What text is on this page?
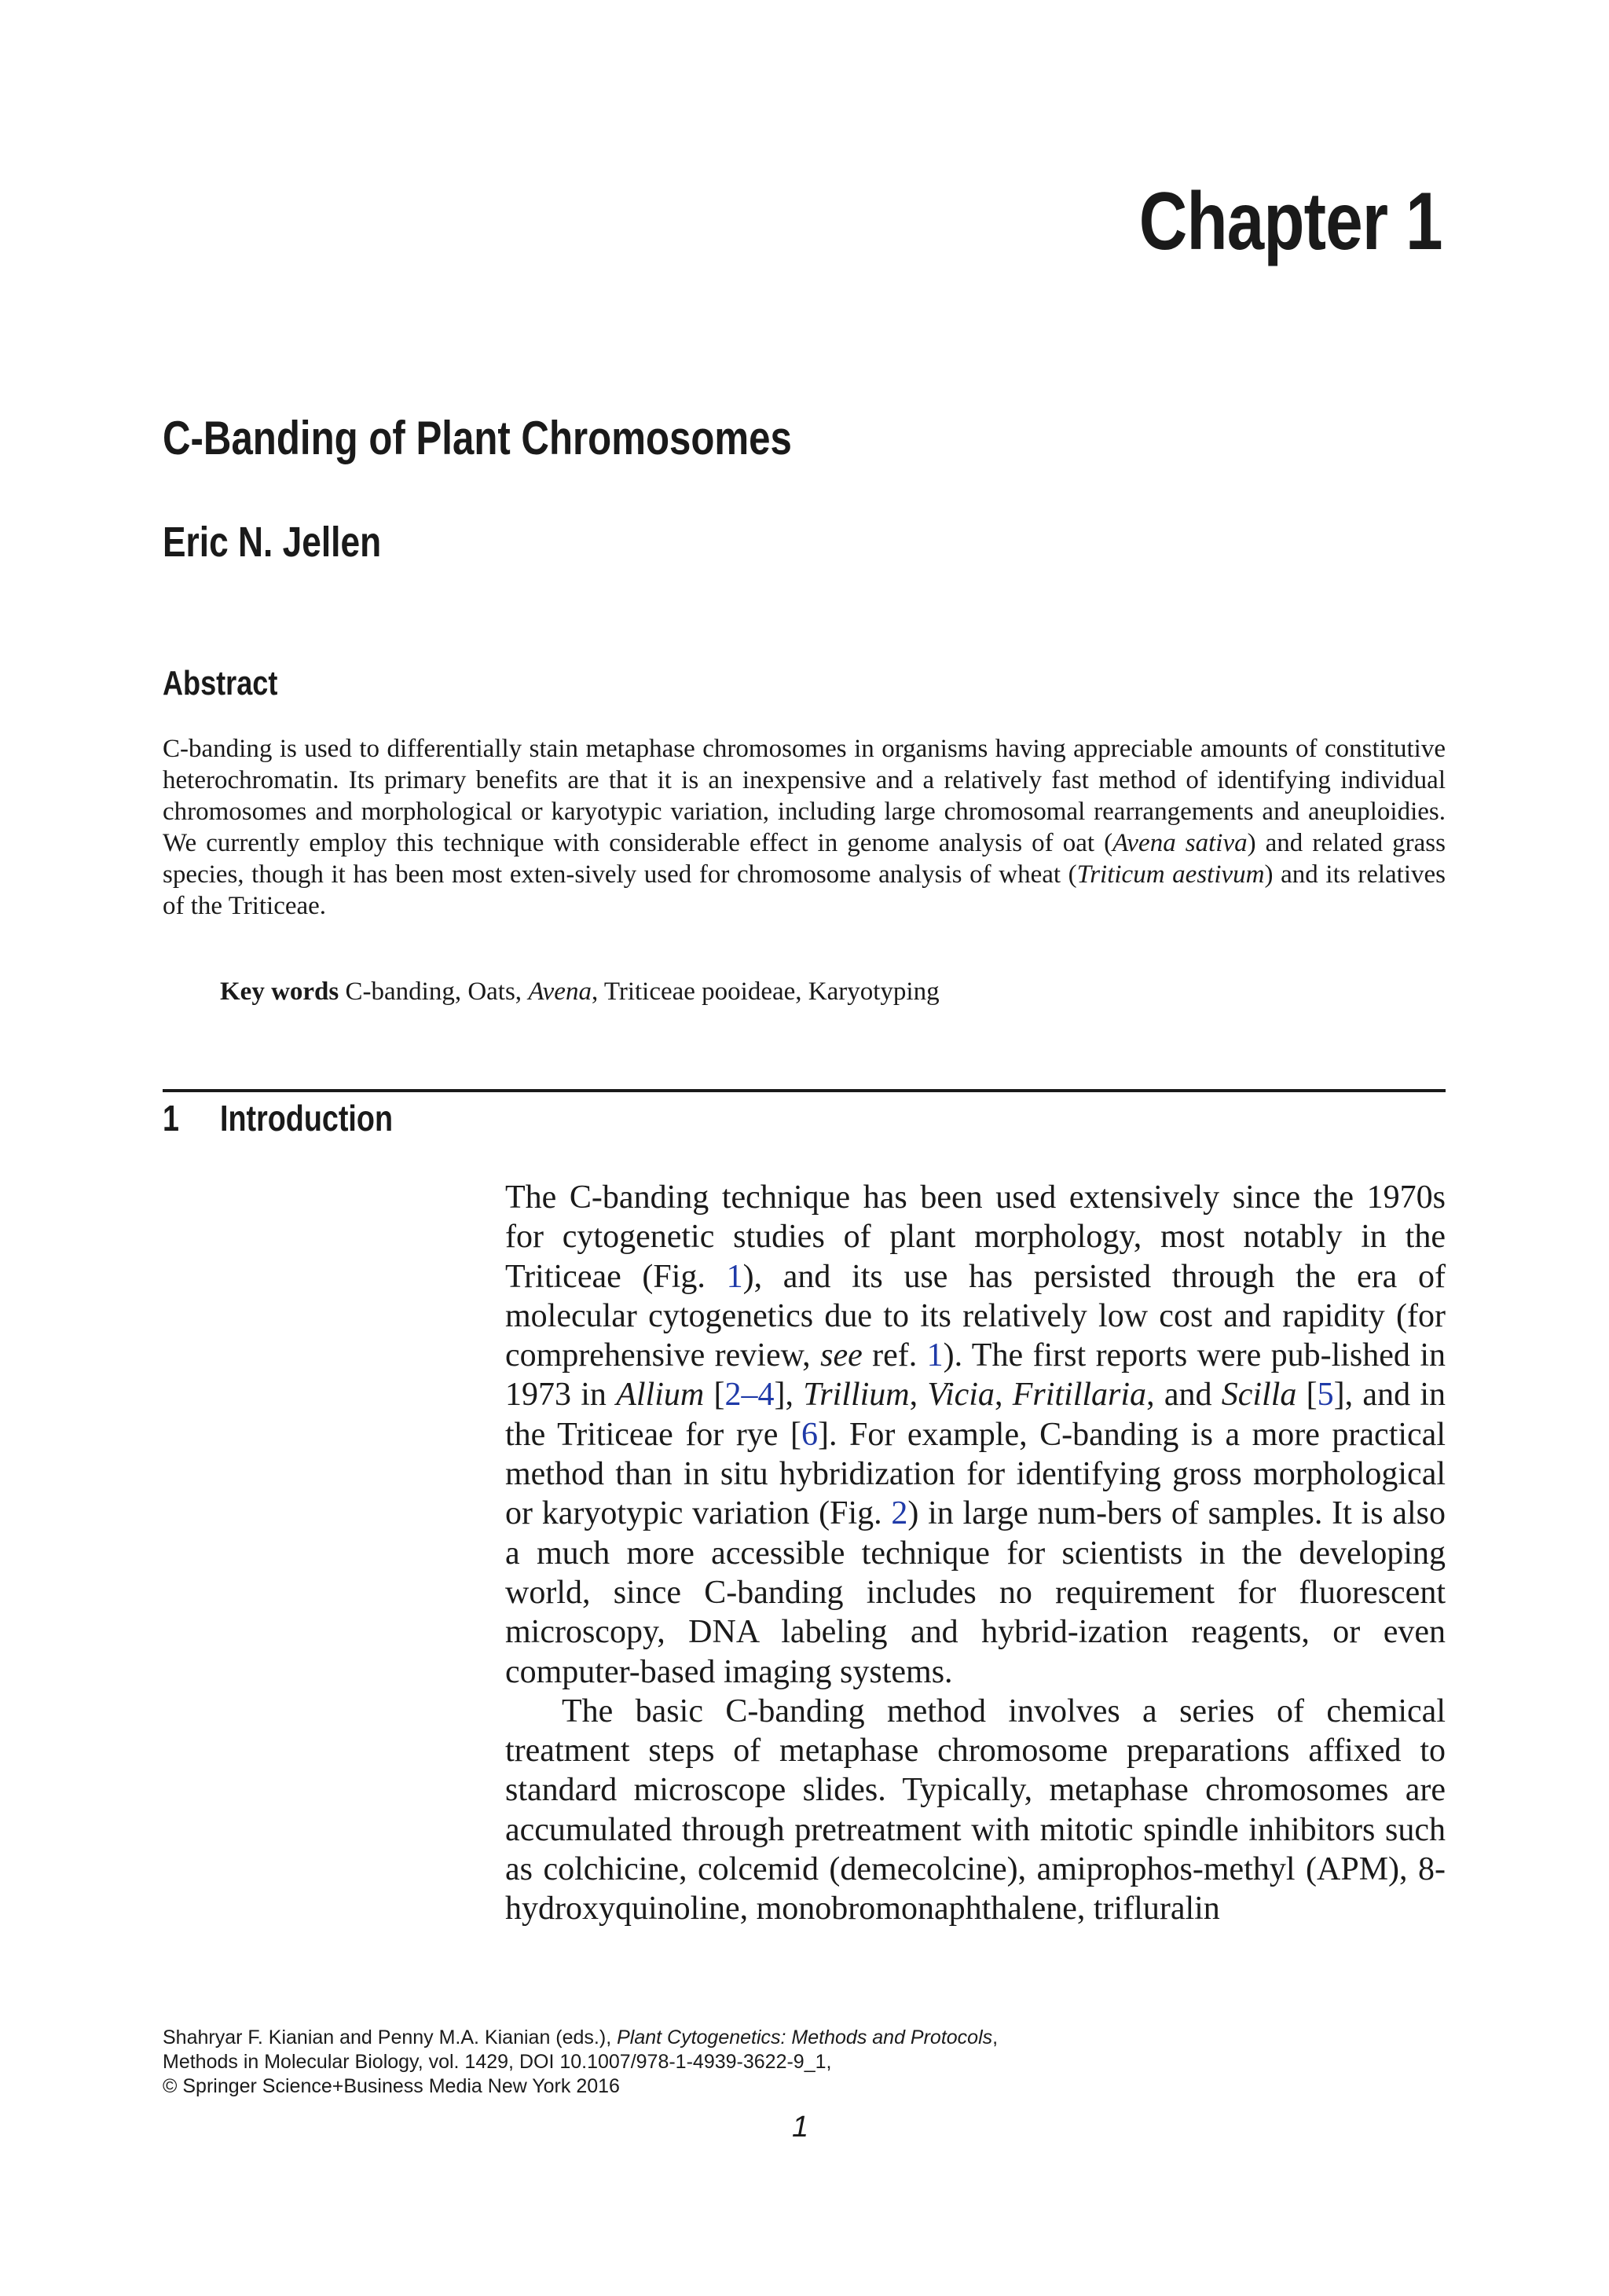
Chapter 1
C-Banding of Plant Chromosomes
Eric N. Jellen
Abstract

C-banding is used to differentially stain metaphase chromosomes in organisms having appreciable amounts of constitutive heterochromatin. Its primary benefits are that it is an inexpensive and a relatively fast method of identifying individual chromosomes and morphological or karyotypic variation, including large chromosomal rearrangements and aneuploidies. We currently employ this technique with considerable effect in genome analysis of oat (Avena sativa) and related grass species, though it has been most exten-sively used for chromosome analysis of wheat (Triticum aestivum) and its relatives of the Triticeae.

Key words C-banding, Oats, Avena, Triticeae pooideae, Karyotyping

1 Introduction

The C-banding technique has been used extensively since the 1970s for cytogenetic studies of plant morphology, most notably in the Triticeae (Fig. 1), and its use has persisted through the era of molecular cytogenetics due to its relatively low cost and rapidity (for comprehensive review, see ref. 1). The first reports were pub-lished in 1973 in Allium [2–4], Trillium, Vicia, Fritillaria, and Scilla [5], and in the Triticeae for rye [6]. For example, C-banding is a more practical method than in situ hybridization for identifying gross morphological or karyotypic variation (Fig. 2) in large num-bers of samples. It is also a much more accessible technique for scientists in the developing world, since C-banding includes no requirement for fluorescent microscopy, DNA labeling and hybrid-ization reagents, or even computer-based imaging systems.

The basic C-banding method involves a series of chemical treatment steps of metaphase chromosome preparations affixed to standard microscope slides. Typically, metaphase chromosomes are accumulated through pretreatment with mitotic spindle inhibitors such as colchicine, colcemid (demecolcine), amiprophos-methyl (APM), 8-hydroxyquinoline, monobromonaphthalene, trifluralin

Shahryar F. Kianian and Penny M.A. Kianian (eds.), Plant Cytogenetics: Methods and Protocols,
Methods in Molecular Biology, vol. 1429, DOI 10.1007/978-1-4939-3622-9_1,
© Springer Science+Business Media New York 2016
1
